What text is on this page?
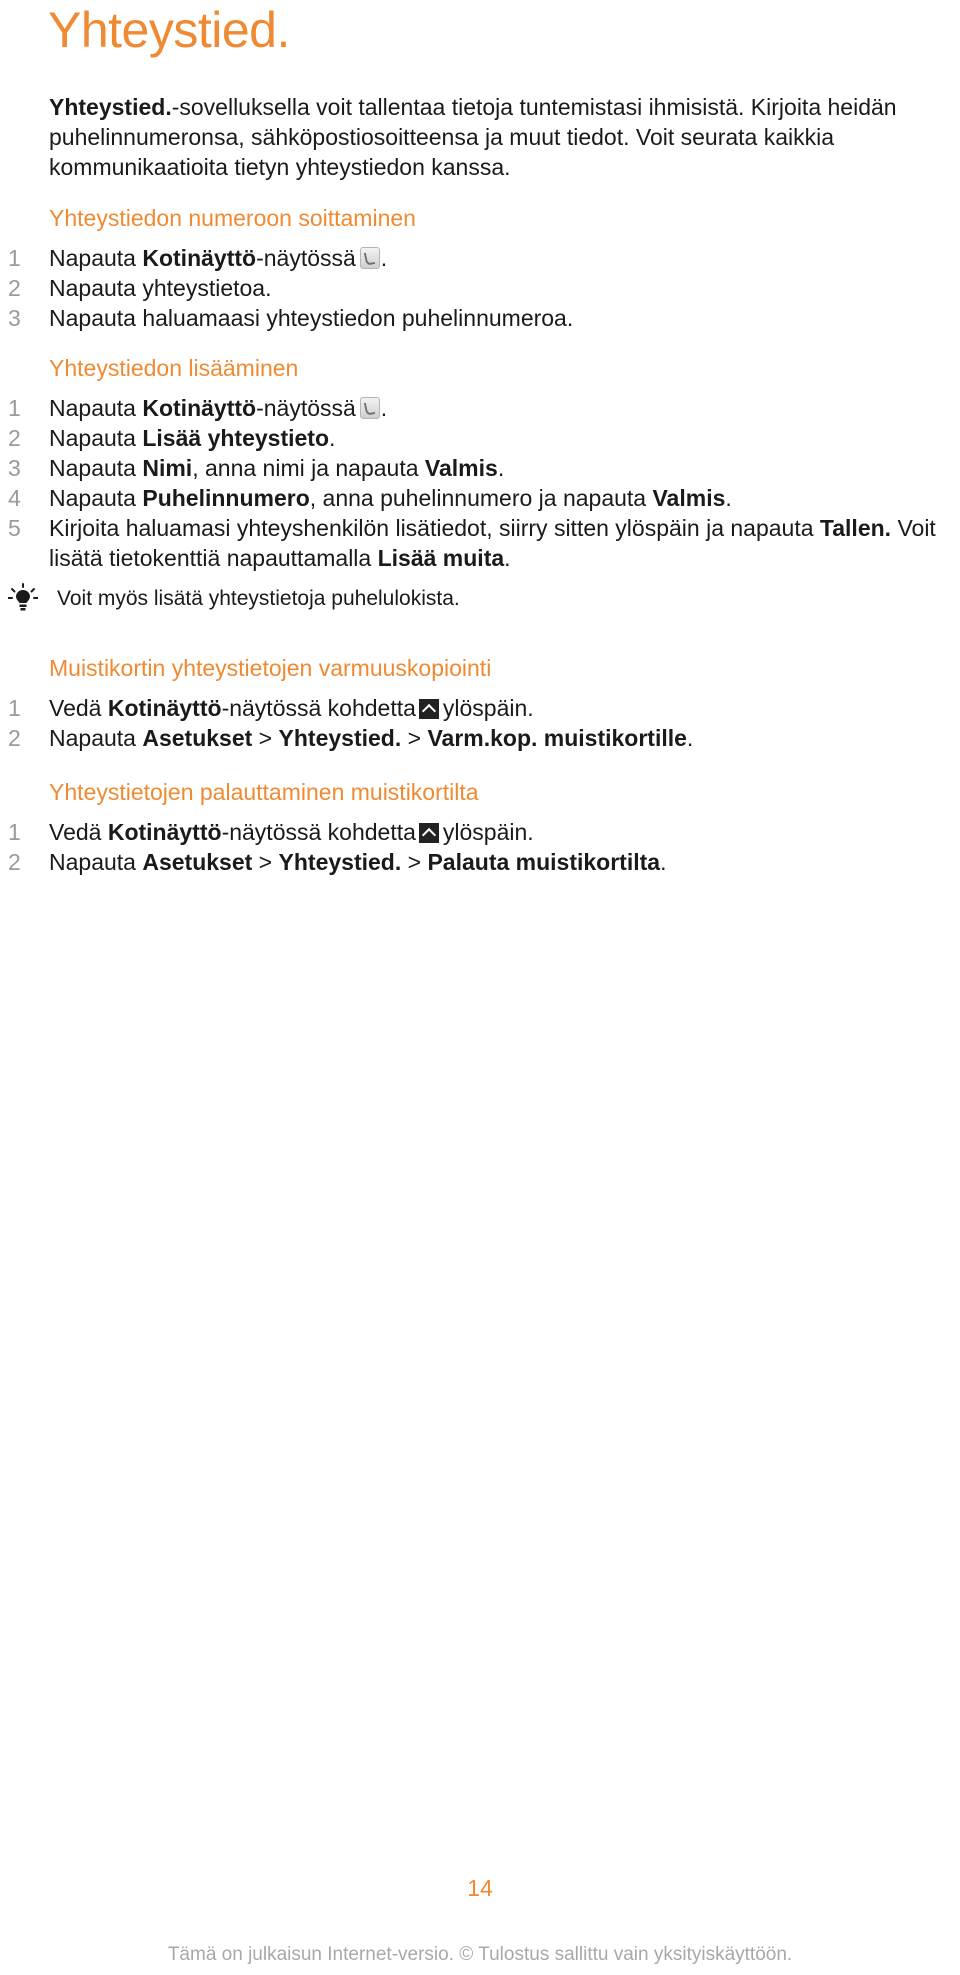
Yhteystied.

Yhteystied.-sovelluksella voit tallentaa tietoja tuntemistasi ihmisistä. Kirjoita heidän puhelinnumeronsa, sähköpostiosoitteensa ja muut tiedot. Voit seurata kaikkia kommunikaatioita tietyn yhteystiedon kanssa.

Yhteystiedon numeroon soittaminen
1 Napauta Kotinäyttö-näytössä .
2 Napauta yhteystietoa.
3 Napauta haluamaasi yhteystiedon puhelinnumeroa.
Yhteystiedon lisääminen
1 Napauta Kotinäyttö-näytössä .
2 Napauta Lisää yhteystieto.
3 Napauta Nimi, anna nimi ja napauta Valmis.
4 Napauta Puhelinnumero, anna puhelinnumero ja napauta Valmis.
5 Kirjoita haluamasi yhteyshenkilön lisätiedot, siirry sitten ylöspäin ja napauta Tallen. Voit lisätä tietokenttiä napauttamalla Lisää muita.
Voit myös lisätä yhteystietoja puhelulokista.
Muistikortin yhteystietojen varmuuskopiointi
1 Vedä Kotinäyttö-näytössä kohdetta ylöspäin.
2 Napauta Asetukset > Yhteystied. > Varm.kop. muistikortille.
Yhteystietojen palauttaminen muistikortilta
1 Vedä Kotinäyttö-näytössä kohdetta ylöspäin.
2 Napauta Asetukset > Yhteystied. > Palauta muistikortilta.
14
Tämä on julkaisun Internet-versio. © Tulostus sallittu vain yksityiskäyttöön.
